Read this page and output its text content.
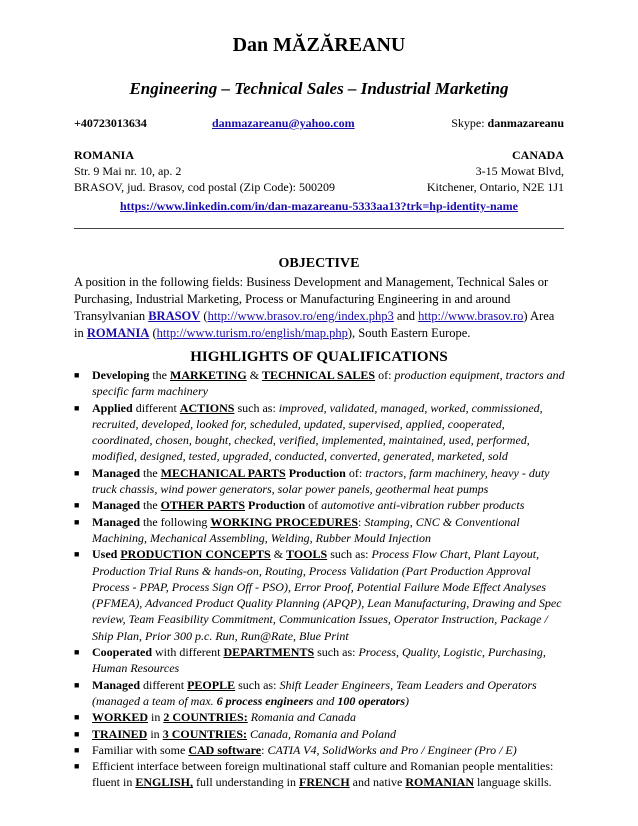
Dan MĂZĂREANU
Engineering – Technical Sales – Industrial Marketing
+40723013634	danmazareanu@yahoo.com	Skype: danmazareanu
ROMANIA
Str. 9 Mai nr. 10, ap. 2
BRASOV, jud. Brasov, cod postal (Zip Code): 500209
CANADA
3-15 Mowat Blvd,
Kitchener, Ontario, N2E 1J1
https://www.linkedin.com/in/dan-mazareanu-5333aa13?trk=hp-identity-name
OBJECTIVE
A position in the following fields: Business Development and Management, Technical Sales or Purchasing, Industrial Marketing, Process or Manufacturing Engineering in and around Transylvanian BRASOV (http://www.brasov.ro/eng/index.php3 and http://www.brasov.ro) Area in ROMANIA (http://www.turism.ro/english/map.php), South Eastern Europe.
HIGHLIGHTS OF QUALIFICATIONS
■ Developing the MARKETING & TECHNICAL SALES of: production equipment, tractors and specific farm machinery
■ Applied different ACTIONS such as: improved, validated, managed, worked, commissioned, recruited, developed, looked for, scheduled, updated, supervised, applied, cooperated, coordinated, chosen, bought, checked, verified, implemented, maintained, used, performed, modified, designed, tested, upgraded, conducted, converted, generated, marketed, sold
■ Managed the MECHANICAL PARTS Production of: tractors, farm machinery, heavy - duty truck chassis, wind power generators, solar power panels, geothermal heat pumps
■ Managed the OTHER PARTS Production of automotive anti-vibration rubber products
■ Managed the following WORKING PROCEDURES: Stamping, CNC & Conventional Machining, Mechanical Assembling, Welding, Rubber Mould Injection
■ Used PRODUCTION CONCEPTS & TOOLS such as: Process Flow Chart, Plant Layout, Production Trial Runs & hands-on, Routing, Process Validation (Part Production Approval Process - PPAP, Process Sign Off - PSO), Error Proof, Potential Failure Mode Effect Analyses (PFMEA), Advanced Product Quality Planning (APQP), Lean Manufacturing, Drawing and Spec review, Team Feasibility Commitment, Communication Issues, Operator Instruction, Package / Ship Plan, Prior 300 p.c. Run, Run@Rate, Blue Print
■ Cooperated with different DEPARTMENTS such as: Process, Quality, Logistic, Purchasing, Human Resources
■ Managed different PEOPLE such as: Shift Leader Engineers, Team Leaders and Operators (managed a team of max. 6 process engineers and 100 operators)
■ WORKED in 2 COUNTRIES: Romania and Canada
■ TRAINED in 3 COUNTRIES: Canada, Romania and Poland
■ Familiar with some CAD software: CATIA V4, SolidWorks and Pro / Engineer (Pro / E)
■ Efficient interface between foreign multinational staff culture and Romanian people mentalities: fluent in ENGLISH, full understanding in FRENCH and native ROMANIAN language skills.
